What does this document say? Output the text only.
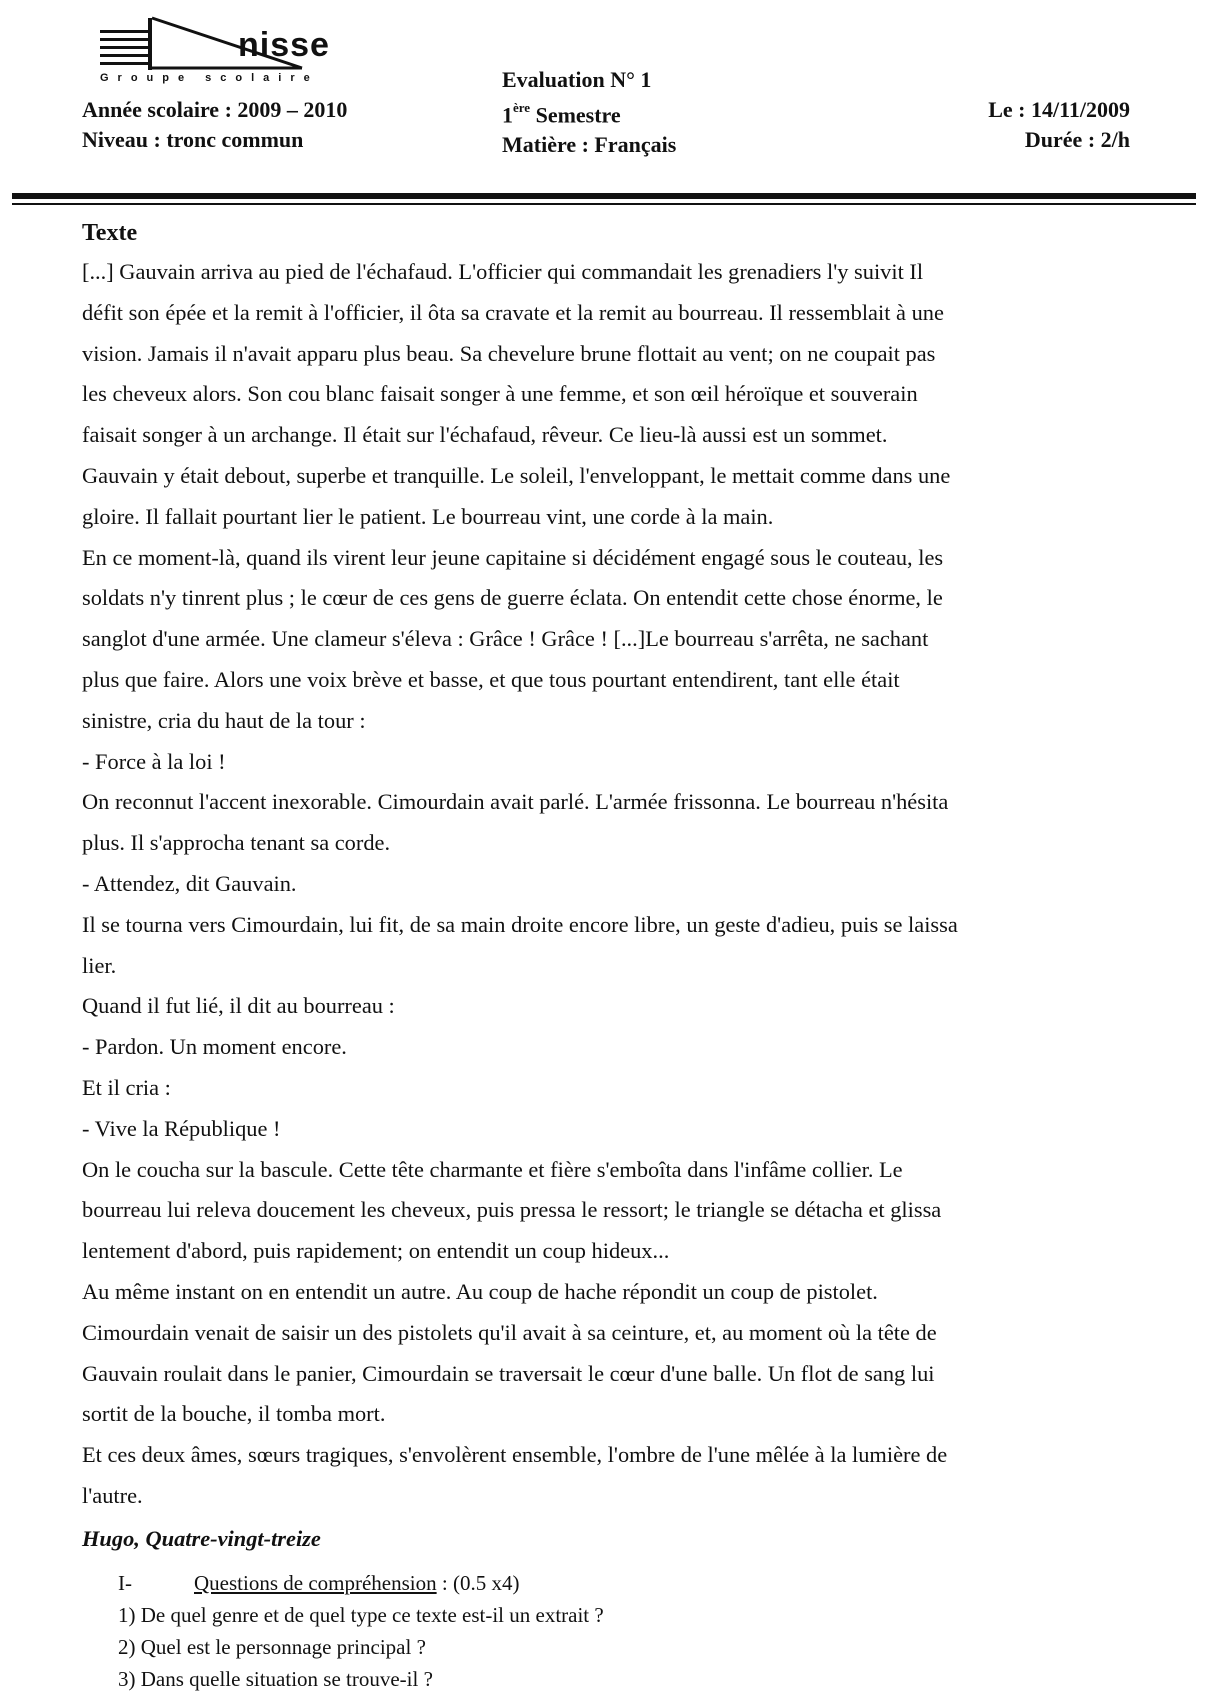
nisse
Groupe scolaire
Année scolaire : 2009 – 2010
Niveau : tronc commun
Evaluation N° 1
1ère Semestre
Matière : Français
Le : 14/11/2009
Durée : 2/h
Texte

[...] Gauvain arriva au pied de l'échafaud. L'officier qui commandait les grenadiers l'y suivit Il

défit son épée et la remit à l'officier, il ôta sa cravate et la remit au bourreau. Il ressemblait à une

vision. Jamais il n'avait apparu plus beau. Sa chevelure brune flottait au vent; on ne coupait pas

les cheveux alors. Son cou blanc faisait songer à une femme, et son œil héroïque et souverain

faisait songer à un archange. Il était sur l'échafaud, rêveur. Ce lieu-là aussi est un sommet.

Gauvain y était debout, superbe et tranquille. Le soleil, l'enveloppant, le mettait comme dans une

gloire. Il fallait pourtant lier le patient. Le bourreau vint, une corde à la main.

En ce moment-là, quand ils virent leur jeune capitaine si décidément engagé sous le couteau, les

soldats n'y tinrent plus ; le cœur de ces gens de guerre éclata. On entendit cette chose énorme, le

sanglot d'une armée. Une clameur s'éleva : Grâce ! Grâce ! [...]Le bourreau s'arrêta, ne sachant

plus que faire. Alors une voix brève et basse, et que tous pourtant entendirent, tant elle était

sinistre, cria du haut de la tour :

- Force à la loi !

On reconnut l'accent inexorable. Cimourdain avait parlé. L'armée frissonna. Le bourreau n'hésita

plus. Il s'approcha tenant sa corde.

- Attendez, dit Gauvain.

Il se tourna vers Cimourdain, lui fit, de sa main droite encore libre, un geste d'adieu, puis se laissa

lier.

Quand il fut lié, il dit au bourreau :

- Pardon. Un moment encore.

Et il cria :

- Vive la République !

On le coucha sur la bascule. Cette tête charmante et fière s'emboîta dans l'infâme collier. Le

bourreau lui releva doucement les cheveux, puis pressa le ressort; le triangle se détacha et glissa

lentement d'abord, puis rapidement; on entendit un coup hideux...

Au même instant on en entendit un autre. Au coup de hache répondit un coup de pistolet.

Cimourdain venait de saisir un des pistolets qu'il avait à sa ceinture, et, au moment où la tête de

Gauvain roulait dans le panier, Cimourdain se traversait le cœur d'une balle. Un flot de sang lui

sortit de la bouche, il tomba mort.

Et ces deux âmes, sœurs tragiques, s'envolèrent ensemble, l'ombre de l'une mêlée à la lumière de

l'autre.

Hugo, Quatre-vingt-treize
I-	Questions de compréhension : (0.5 x4)
1) De quel genre et de quel type ce texte est-il un extrait ?
2) Quel est le personnage principal ?
3) Dans quelle situation se trouve-il ?
